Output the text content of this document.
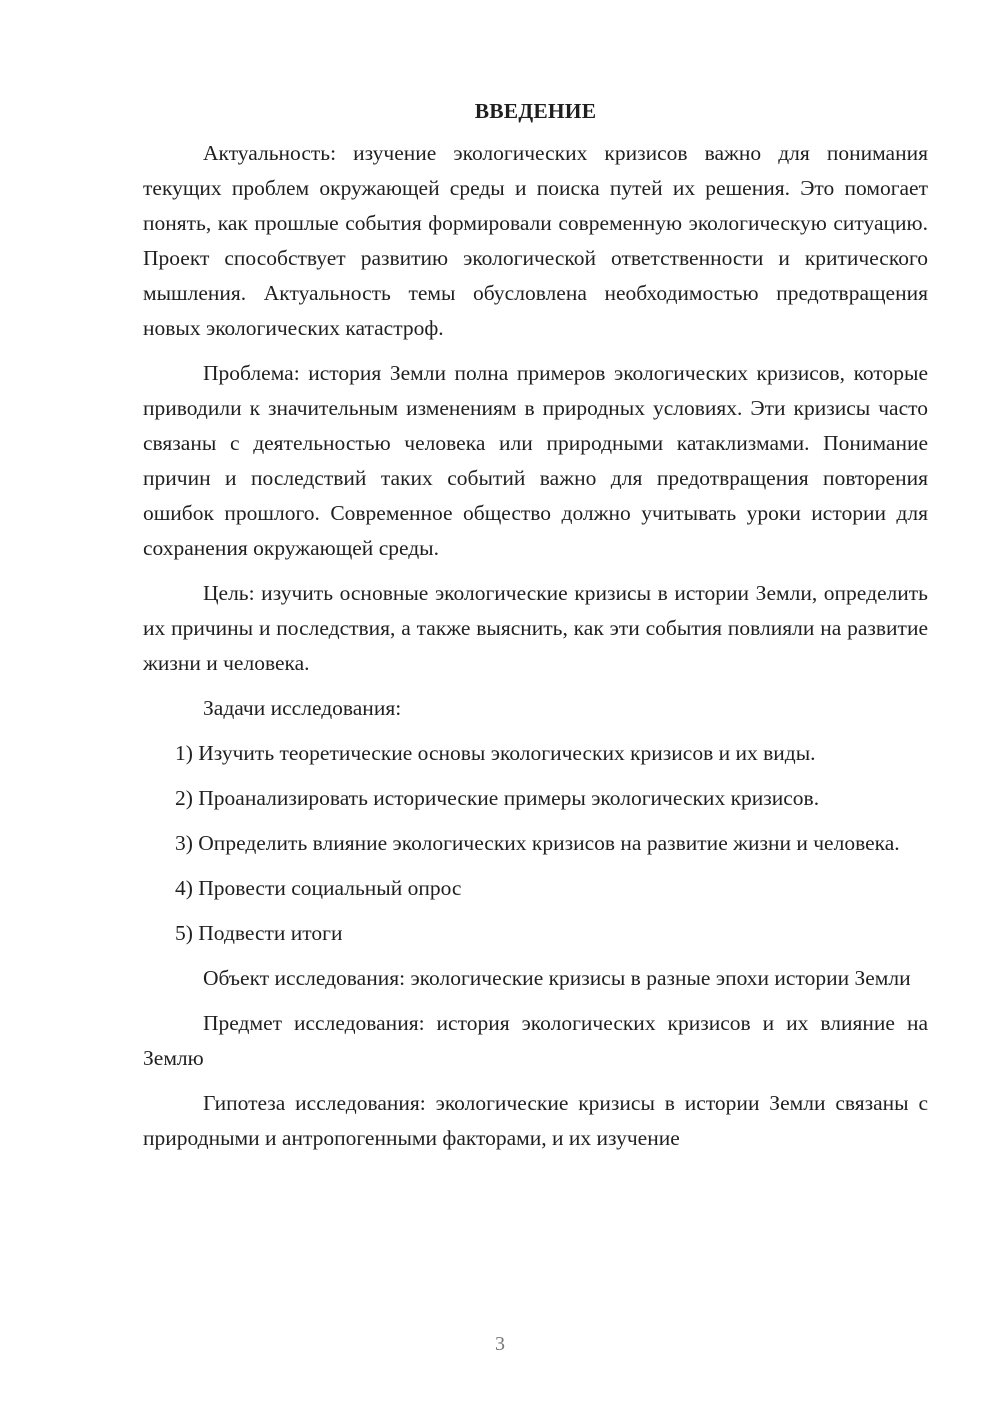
ВВЕДЕНИЕ

Актуальность: изучение экологических кризисов важно для понимания текущих проблем окружающей среды и поиска путей их решения. Это помогает понять, как прошлые события формировали современную экологическую ситуацию. Проект способствует развитию экологической ответственности и критического мышления. Актуальность темы обусловлена необходимостью предотвращения новых экологических катастроф.

Проблема: история Земли полна примеров экологических кризисов, которые приводили к значительным изменениям в природных условиях. Эти кризисы часто связаны с деятельностью человека или природными катаклизмами. Понимание причин и последствий таких событий важно для предотвращения повторения ошибок прошлого. Современное общество должно учитывать уроки истории для сохранения окружающей среды.

Цель: изучить основные экологические кризисы в истории Земли, определить их причины и последствия, а также выяснить, как эти события повлияли на развитие жизни и человека.

Задачи исследования:

1) Изучить теоретические основы экологических кризисов и их виды.

2) Проанализировать исторические примеры экологических кризисов.

3) Определить влияние экологических кризисов на развитие жизни и человека.

4) Провести социальный опрос

5) Подвести итоги

Объект исследования: экологические кризисы в разные эпохи истории Земли

Предмет исследования: история экологических кризисов и их влияние на Землю

Гипотеза исследования: экологические кризисы в истории Земли связаны с природными и антропогенными факторами, и их изучение

3
